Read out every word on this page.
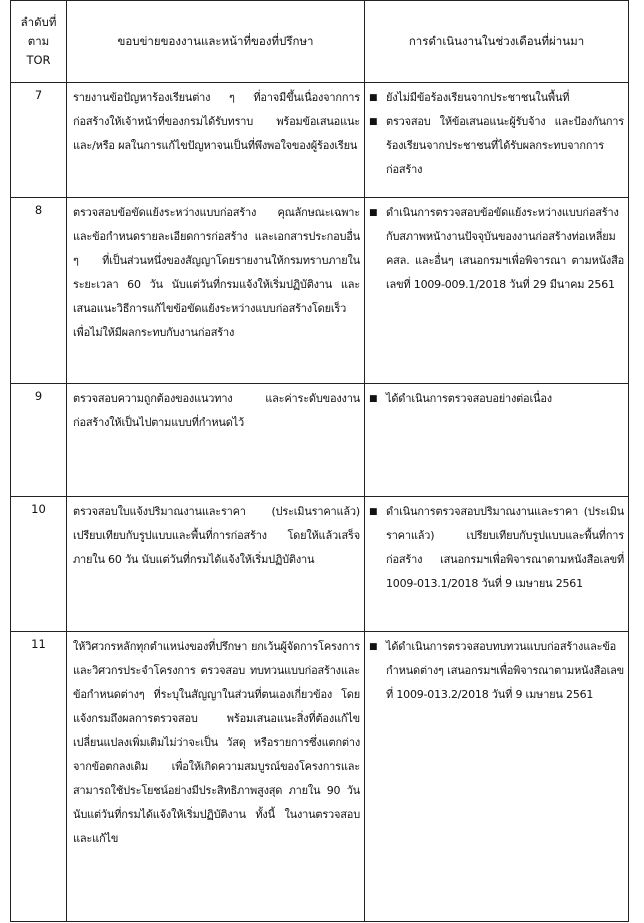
ลำดับที่
ตาม
TOR	ขอบข่ายของงานและหน้าที่ของที่ปรึกษา	การดำเนินงานในช่วงเดือนที่ผ่านมา
7	รายงานข้อปัญหาร้องเรียนต่าง ๆ ที่อาจมีขึ้นเนื่องจากการก่อสร้างให้เจ้าหน้าที่ของกรมได้รับทราบ พร้อมข้อเสนอแนะ และ/หรือ ผลในการแก้ไขปัญหาจนเป็นที่พึงพอใจของผู้ร้องเรียน	■ ยังไม่มีข้อร้องเรียนจากประชาชนในพื้นที่
■ ตรวจสอบ ให้ข้อเสนอแนะผู้รับจ้าง และป้องกันการร้องเรียนจากประชาชนที่ได้รับผลกระทบจากการก่อสร้าง

8	ตรวจสอบข้อขัดแย้งระหว่างแบบก่อสร้าง คุณลักษณะเฉพาะและข้อกำหนดรายละเอียดการก่อสร้าง และเอกสารประกอบอื่น ๆ ที่เป็นส่วนหนึ่งของสัญญาโดยรายงานให้กรมทราบภายในระยะเวลา 60 วัน นับแต่วันที่กรมแจ้งให้เริ่มปฏิบัติงาน และเสนอแนะวิธีการแก้ไขข้อขัดแย้งระหว่างแบบก่อสร้างโดยเร็วเพื่อไม่ให้มีผลกระทบกับงานก่อสร้าง	■ ดำเนินการตรวจสอบข้อขัดแย้งระหว่างแบบก่อสร้าง กับสภาพหน้างานปัจจุบันของงานก่อสร้างท่อเหลี่ยม คสล. และอื่นๆ เสนอกรมฯเพื่อพิจารณา ตามหนังสือเลขที่ 1009-009.1/2018 วันที่ 29 มีนาคม 2561

9	ตรวจสอบความถูกต้องของแนวทาง และค่าระดับของงานก่อสร้างให้เป็นไปตามแบบที่กำหนดไว้	■ ได้ดำเนินการตรวจสอบอย่างต่อเนื่อง

10	ตรวจสอบใบแจ้งปริมาณงานและราคา (ประเมินราคาแล้ว) เปรียบเทียบกับรูปแบบและพื้นที่การก่อสร้าง โดยให้แล้วเสร็จภายใน 60 วัน นับแต่วันที่กรมได้แจ้งให้เริ่มปฏิบัติงาน	■ ดำเนินการตรวจสอบปริมาณงานและราคา (ประเมินราคาแล้ว) เปรียบเทียบกับรูปแบบและพื้นที่การก่อสร้าง เสนอกรมฯเพื่อพิจารณาตามหนังสือเลขที่ 1009-013.1/2018 วันที่ 9 เมษายน 2561

11	ให้วิศวกรหลักทุกตำแหน่งของที่ปรึกษา ยกเว้นผู้จัดการโครงการและวิศวกรประจำโครงการ ตรวจสอบ ทบทวนแบบก่อสร้างและข้อกำหนดต่างๆ ที่ระบุในสัญญาในส่วนที่ตนเองเกี่ยวข้อง โดยแจ้งกรมถึงผลการตรวจสอบ พร้อมเสนอแนะสิ่งที่ต้องแก้ไขเปลี่ยนแปลงเพิ่มเติมไม่ว่าจะเป็น วัสดุ หรือรายการซึ่งแตกต่างจากข้อตกลงเดิม เพื่อให้เกิดความสมบูรณ์ของโครงการและสามารถใช้ประโยชน์อย่างมีประสิทธิภาพสูงสุด ภายใน 90 วัน นับแต่วันที่กรมได้แจ้งให้เริ่มปฏิบัติงาน ทั้งนี้ ในงานตรวจสอบและแก้ไข	■ ได้ดำเนินการตรวจสอบทบทวนแบบก่อสร้างและข้อกำหนดต่างๆ เสนอกรมฯเพื่อพิจารณาตามหนังสือเลขที่ 1009-013.2/2018 วันที่ 9 เมษายน 2561
